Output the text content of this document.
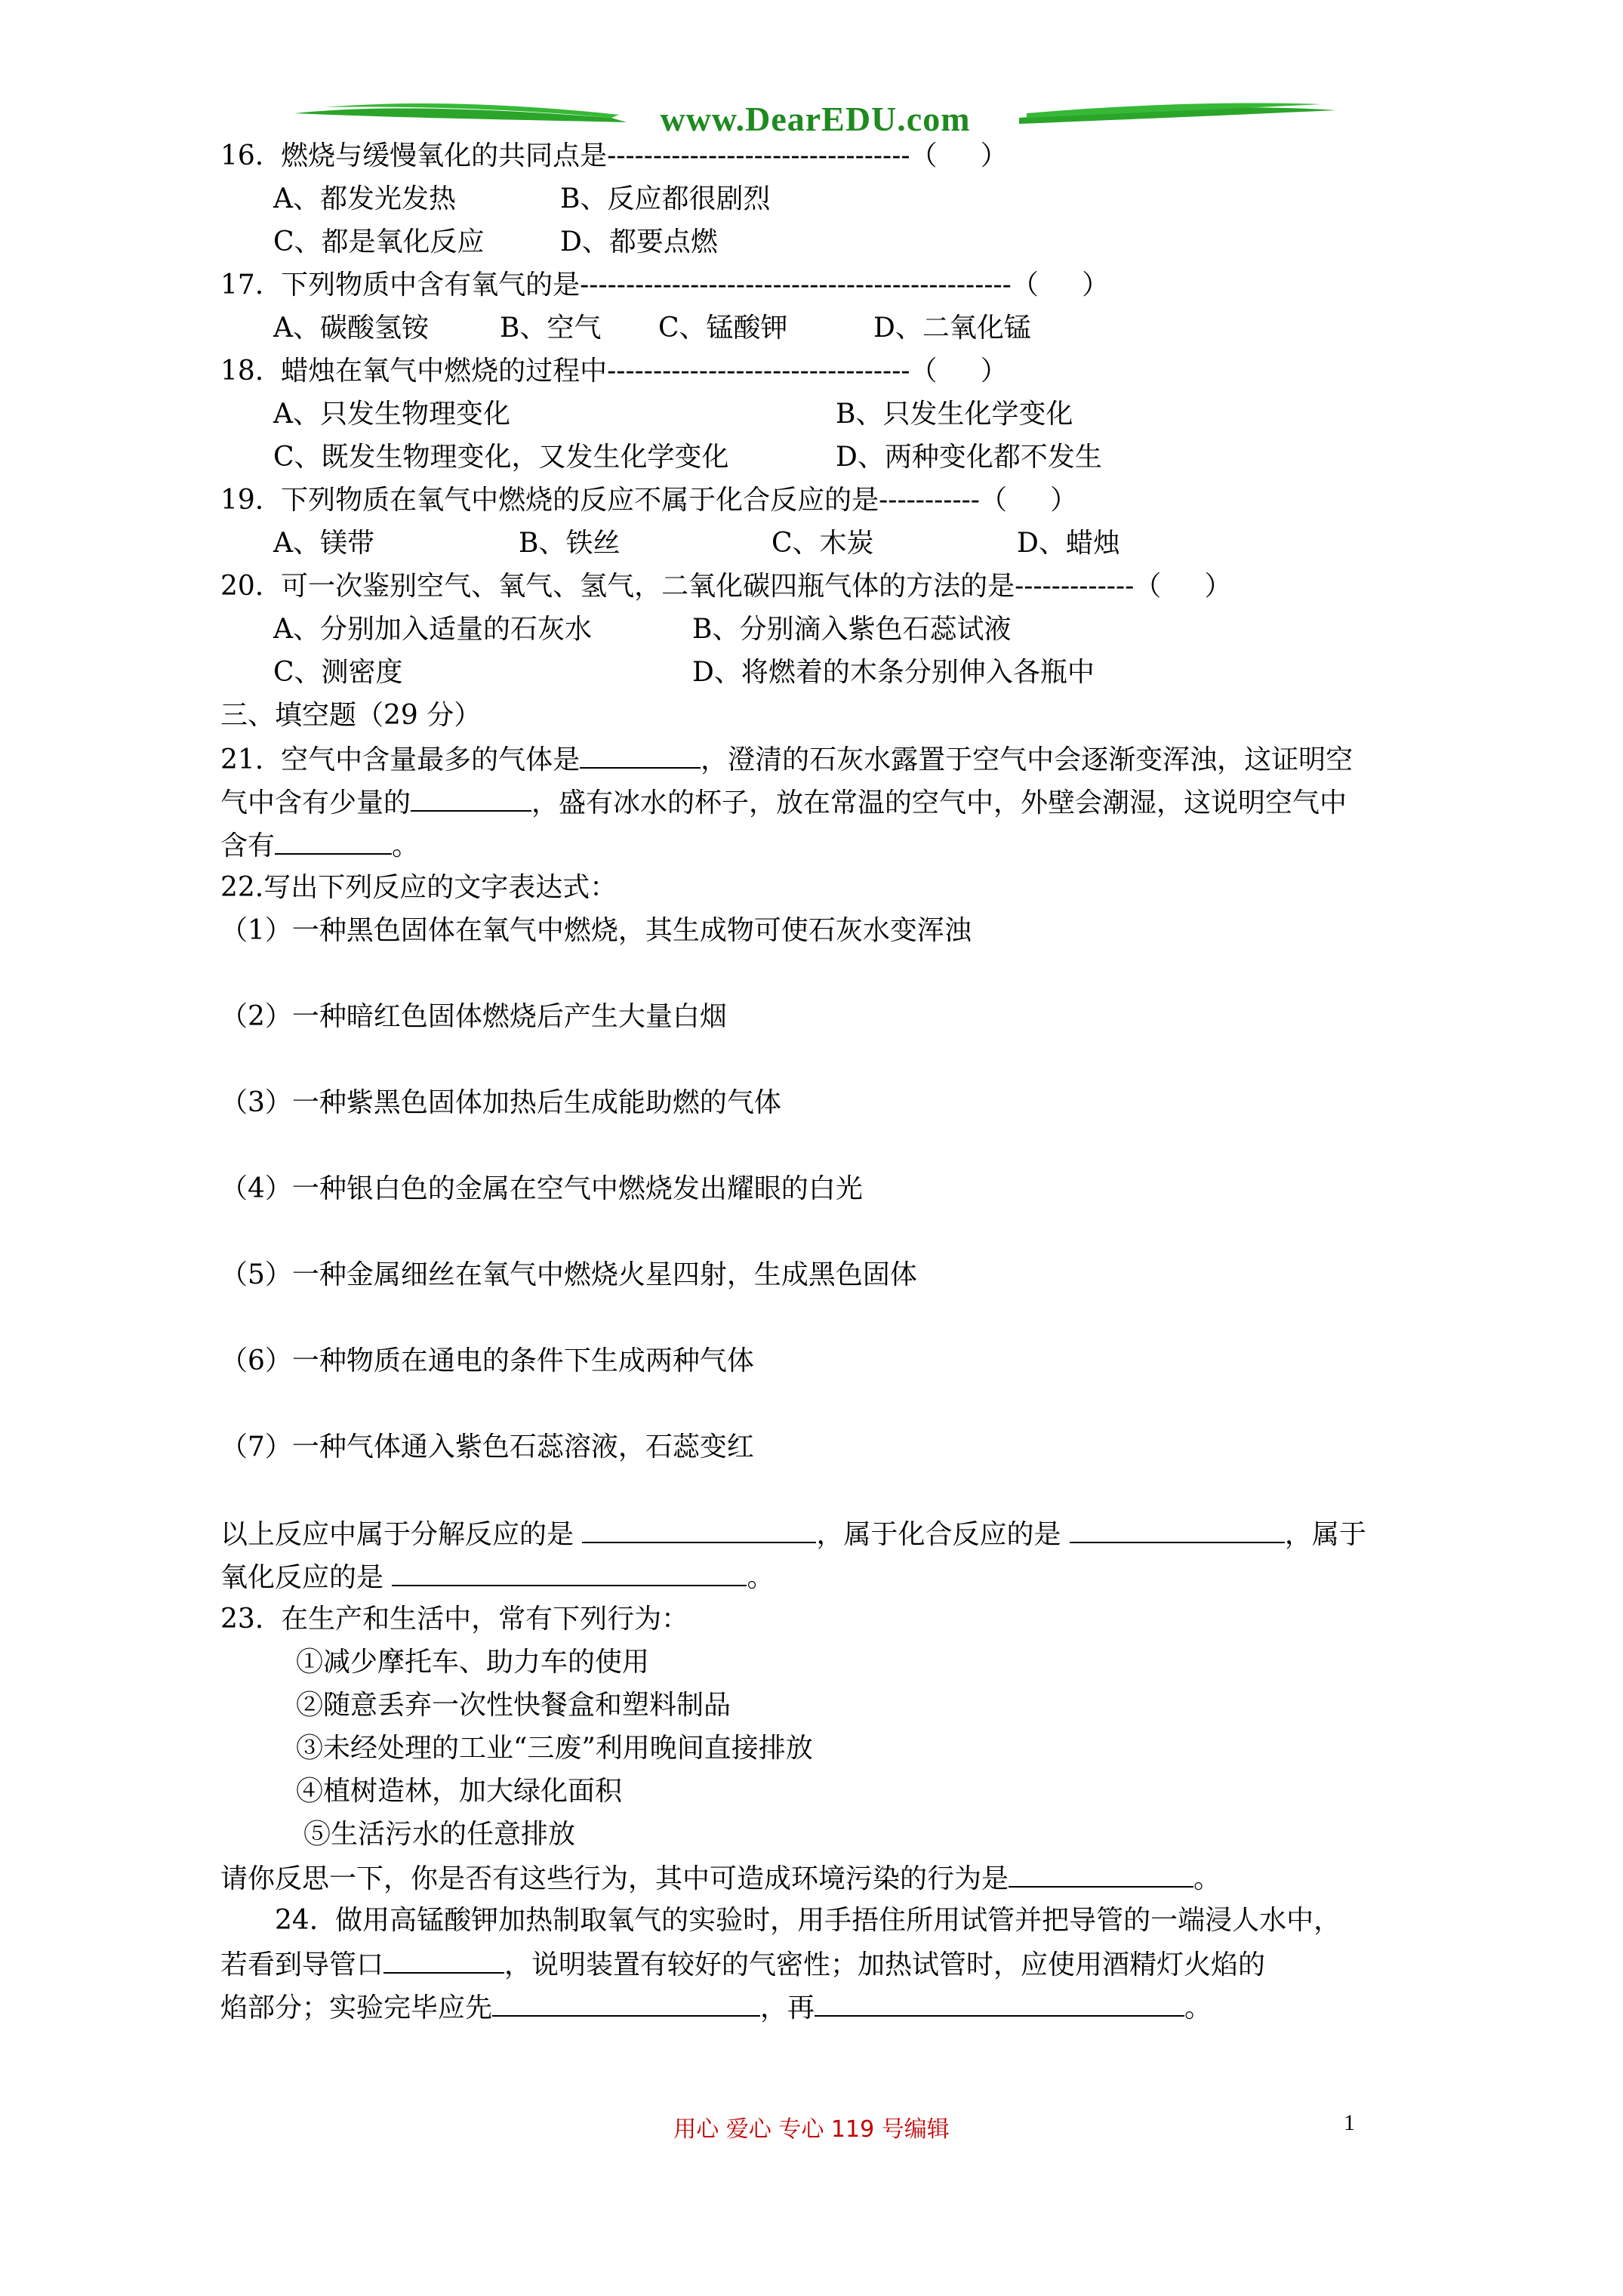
www.DearEDU.com
16.  燃烧与缓慢氧化的共同点是---------------------------------（     ）
A、都发光发热	B、反应都很剧烈
C、都是氧化反应	D、都要点燃
17.  下列物质中含有氧气的是-----------------------------------------------（     ）
A、碳酸氢铵	B、空气 C、锰酸钾	D、二氧化锰
18.  蜡烛在氧气中燃烧的过程中---------------------------------（     ）
A、只发生物理变化	B、只发生化学变化
C、既发生物理变化，又发生化学变化	D、两种变化都不发生
19.  下列物质在氧气中燃烧的反应不属于化合反应的是-----------（     ）
A、镁带	B、铁丝	C、木炭	D、蜡烛
20.  可一次鉴别空气、氧气、氢气，二氧化碳四瓶气体的方法的是-------------（     ）
A、分别加入适量的石灰水	B、分别滴入紫色石蕊试液
C、测密度	D、将燃着的木条分别伸入各瓶中
三、填空题（29 分）
21.  空气中含量最多的气体是	，澄清的石灰水露置于空气中会逐渐变浑浊，这证明空
气中含有少量的	，盛有冰水的杯子，放在常温的空气中，外壁会潮湿，这说明空气中
含有	。
22.写出下列反应的文字表达式：
（1）一种黑色固体在氧气中燃烧，其生成物可使石灰水变浑浊
（2）一种暗红色固体燃烧后产生大量白烟
（3）一种紫黑色固体加热后生成能助燃的气体
（4）一种银白色的金属在空气中燃烧发出耀眼的白光
（5）一种金属细丝在氧气中燃烧火星四射，生成黑色固体
（6）一种物质在通电的条件下生成两种气体
（7）一种气体通入紫色石蕊溶液，石蕊变红
以上反应中属于分解反应的是	，属于化合反应的是	，属于
氧化反应的是	。
23.  在生产和生活中，常有下列行为：
①减少摩托车、助力车的使用
②随意丢弃一次性快餐盒和塑料制品
③未经处理的工业“三废”利用晚间直接排放
④植树造林，加大绿化面积
⑤生活污水的任意排放
请你反思一下，你是否有这些行为，其中可造成环境污染的行为是	。
24.  做用高锰酸钾加热制取氧气的实验时，用手捂住所用试管并把导管的一端浸人水中，
若看到导管口	，说明装置有较好的气密性；加热试管时，应使用酒精灯火焰的
焰部分；实验完毕应先	，再	。
用心 爱心 专心 119 号编辑	1
